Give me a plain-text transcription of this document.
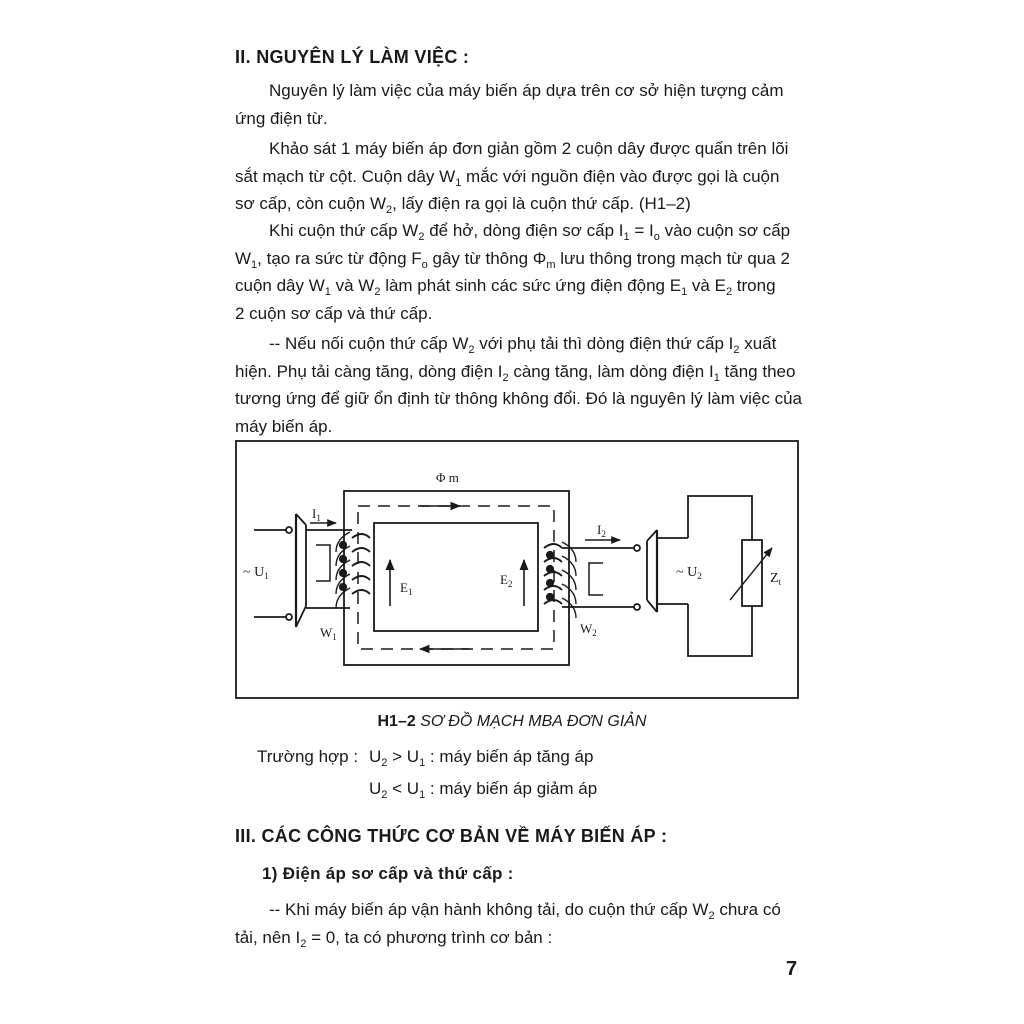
II. NGUYÊN LÝ LÀM VIỆC :
Nguyên lý làm việc của máy biến áp dựa trên cơ sở hiện tượng cảm
ứng điện từ.
Khảo sát 1 máy biến áp đơn giản gồm 2 cuộn dây được quấn trên lõi
sắt mạch từ cột. Cuộn dây $W_1$ mắc với nguồn điện vào được gọi là cuộn
sơ cấp, còn cuộn $W_2$, lấy điện ra gọi là cuộn thứ cấp. (H1–2)
Khi cuộn thứ cấp $W_2$ để hở, dòng điện sơ cấp $I_1 = I_o$ vào cuộn sơ cấp
$W_1$, tạo ra sức từ động $F_o$ gây từ thông $\Phi_m$ lưu thông trong mạch từ qua 2
cuộn dây $W_1$ và $W_2$ làm phát sinh các sức ứng điện động $E_1$ và $E_2$ trong
2 cuộn sơ cấp và thứ cấp.
-- Nếu nối cuộn thứ cấp $W_2$ với phụ tải thì dòng điện thứ cấp $I_2$ xuất
hiện. Phụ tải càng tăng, dòng điện $I_2$ càng tăng, làm dòng điện $I_1$ tăng theo
tương ứng để giữ ổn định từ thông không đổi. Đó là nguyên lý làm việc của
máy biến áp.
Φ m
$I_1$
$I_2$
~ $U_1$	~ $U_2$
$E_1$
$E_2$
$W_1$
$W_2$
$Z_t$
H1–2 SƠ ĐỒ MẠCH MBA ĐƠN GIẢN
Trường hợp : $U_2 > U_1$ : máy biến áp tăng áp
$U_2 < U_1$ : máy biến áp giảm áp
III. CÁC CÔNG THỨC CƠ BẢN VỀ MÁY BIẾN ÁP :
1) Điện áp sơ cấp và thứ cấp :
-- Khi máy biến áp vận hành không tải, do cuộn thứ cấp $W_2$ chưa có
tải, nên $I_2 = 0$, ta có phương trình cơ bản :
7
